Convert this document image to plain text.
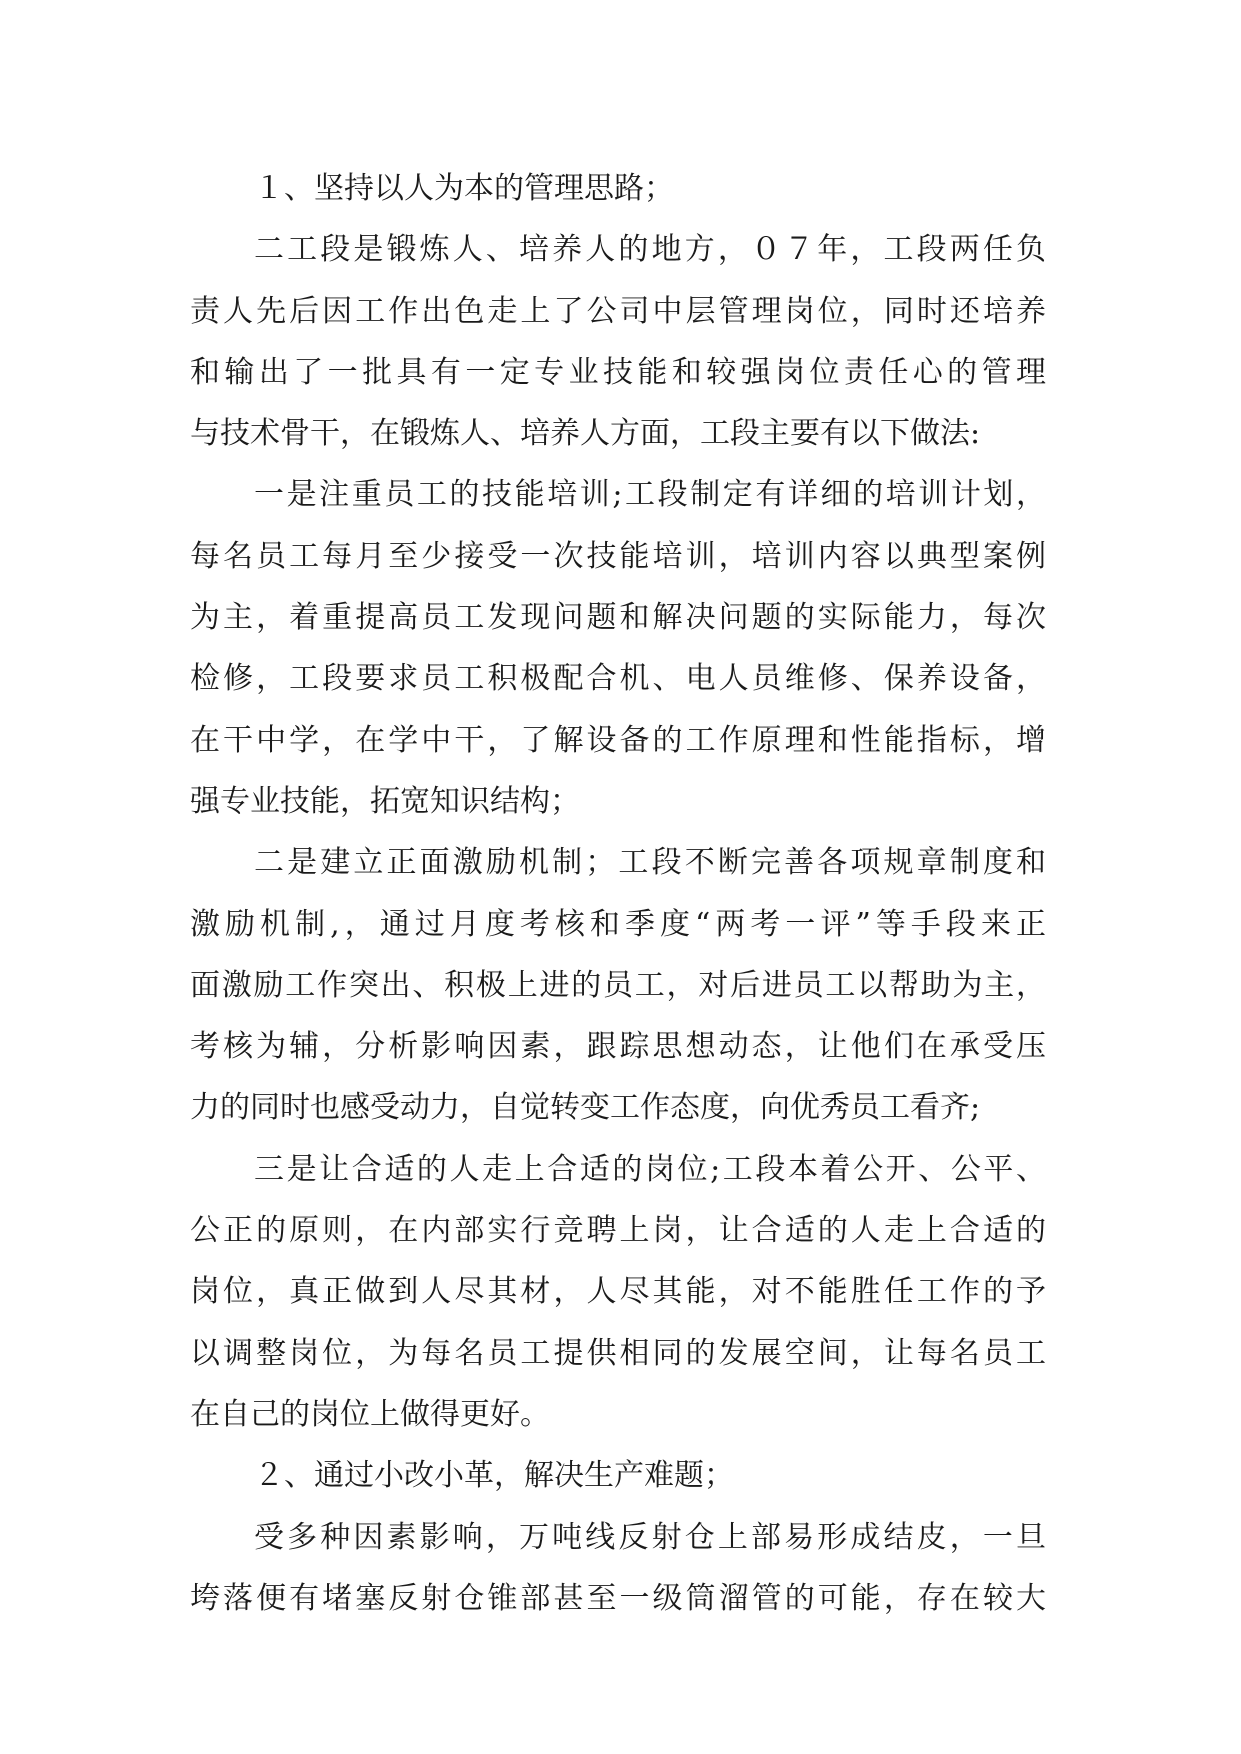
１、坚持以人为本的管理思路；
二工段是锻炼人、培养人的地方，０７年，工段两任负
责人先后因工作出色走上了公司中层管理岗位，同时还培养
和输出了一批具有一定专业技能和较强岗位责任心的管理
与技术骨干，在锻炼人、培养人方面，工段主要有以下做法:
一是注重员工的技能培训;工段制定有详细的培训计划，
每名员工每月至少接受一次技能培训，培训内容以典型案例
为主，着重提高员工发现问题和解决问题的实际能力，每次
检修，工段要求员工积极配合机、电人员维修、保养设备，
在干中学，在学中干，了解设备的工作原理和性能指标，增
强专业技能，拓宽知识结构；
二是建立正面激励机制；工段不断完善各项规章制度和
激励机制,，通过月度考核和季度“两考一评”等手段来正
面激励工作突出、积极上进的员工，对后进员工以帮助为主，
考核为辅，分析影响因素，跟踪思想动态，让他们在承受压
力的同时也感受动力，自觉转变工作态度，向优秀员工看齐;
三是让合适的人走上合适的岗位;工段本着公开、公平、
公正的原则，在内部实行竞聘上岗，让合适的人走上合适的
岗位，真正做到人尽其材，人尽其能，对不能胜任工作的予
以调整岗位，为每名员工提供相同的发展空间，让每名员工
在自己的岗位上做得更好。
２、通过小改小革，解决生产难题；
受多种因素影响，万吨线反射仓上部易形成结皮，一旦
垮落便有堵塞反射仓锥部甚至一级筒溜管的可能，存在较大
